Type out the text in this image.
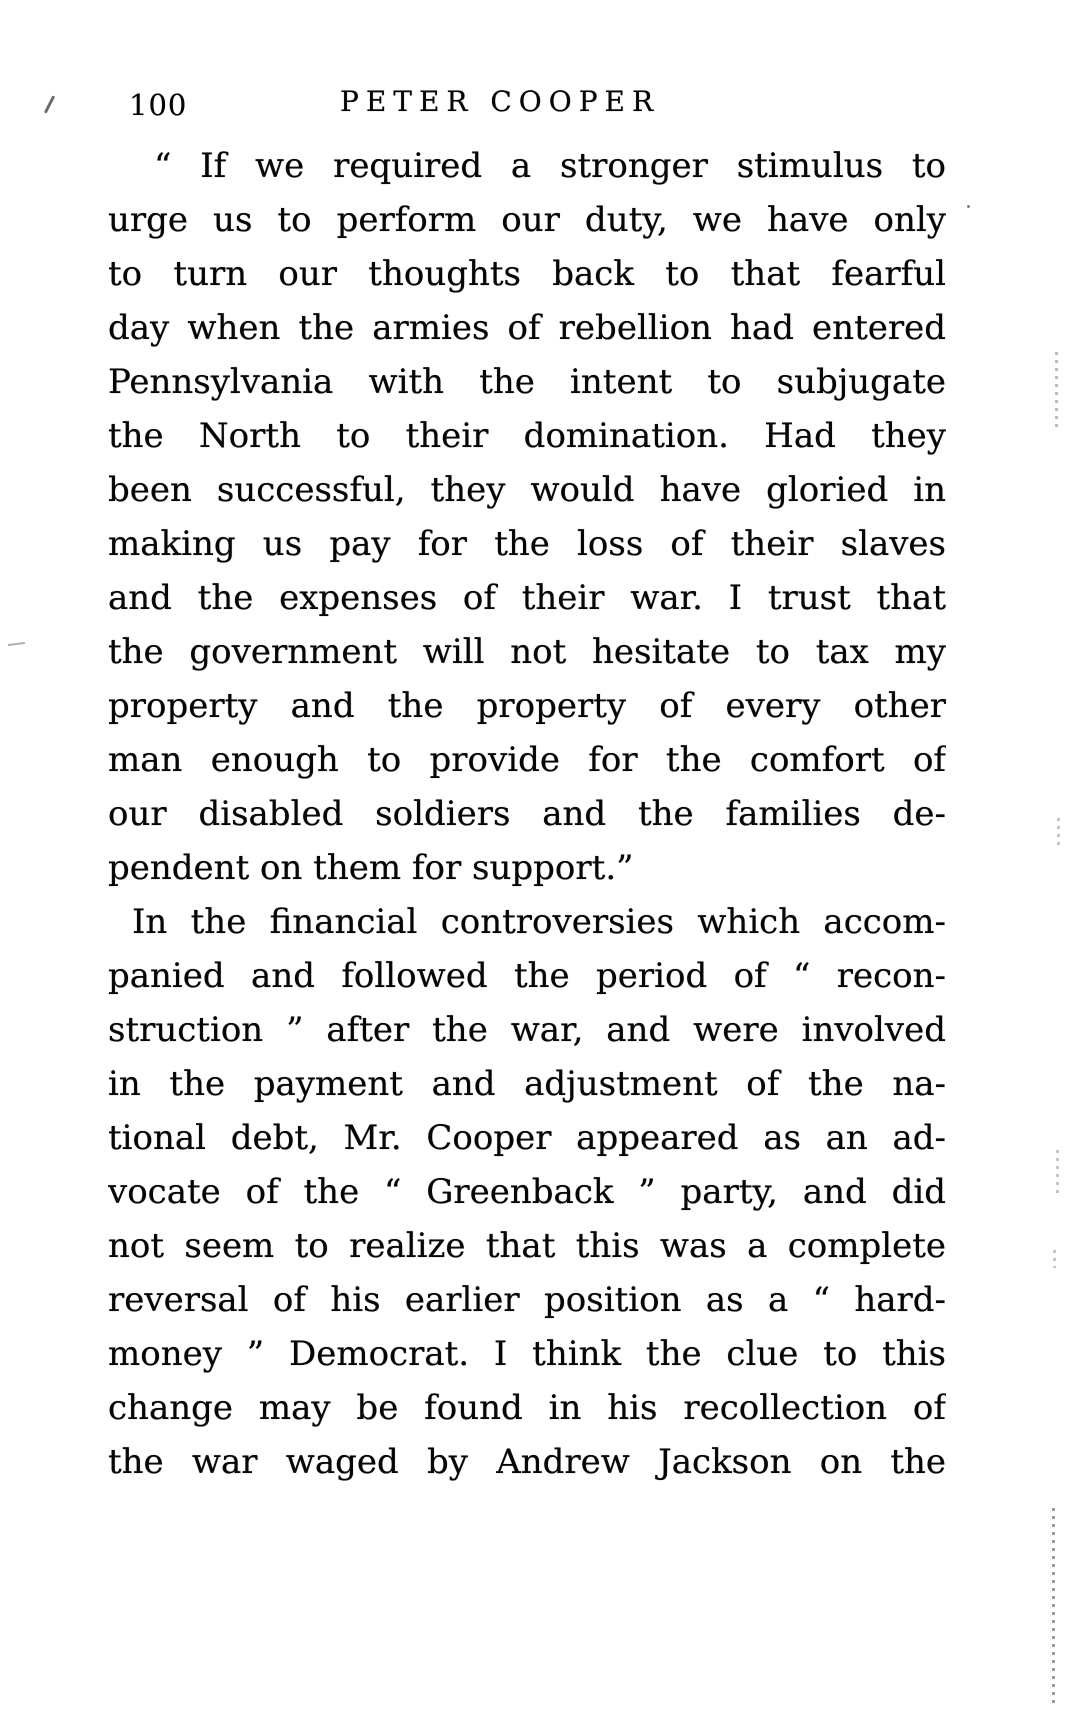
100	PETER COOPER
“ If we required a stronger stimulus to
urge us to perform our duty, we have only
to turn our thoughts back to that fearful
day when the armies of rebellion had entered
Pennsylvania with the intent to subjugate
the North to their domination. Had they
been successful, they would have gloried in
making us pay for the loss of their slaves
and the expenses of their war. I trust that
the government will not hesitate to tax my
property and the property of every other
man enough to provide for the comfort of
our disabled soldiers and the families de-
pendent on them for support.”
In the financial controversies which accom-
panied and followed the period of “ recon-
struction ” after the war, and were involved
in the payment and adjustment of the na-
tional debt, Mr. Cooper appeared as an ad-
vocate of the “ Greenback ” party, and did
not seem to realize that this was a complete
reversal of his earlier position as a “ hard-
money ” Democrat. I think the clue to this
change may be found in his recollection of
the war waged by Andrew Jackson on the
